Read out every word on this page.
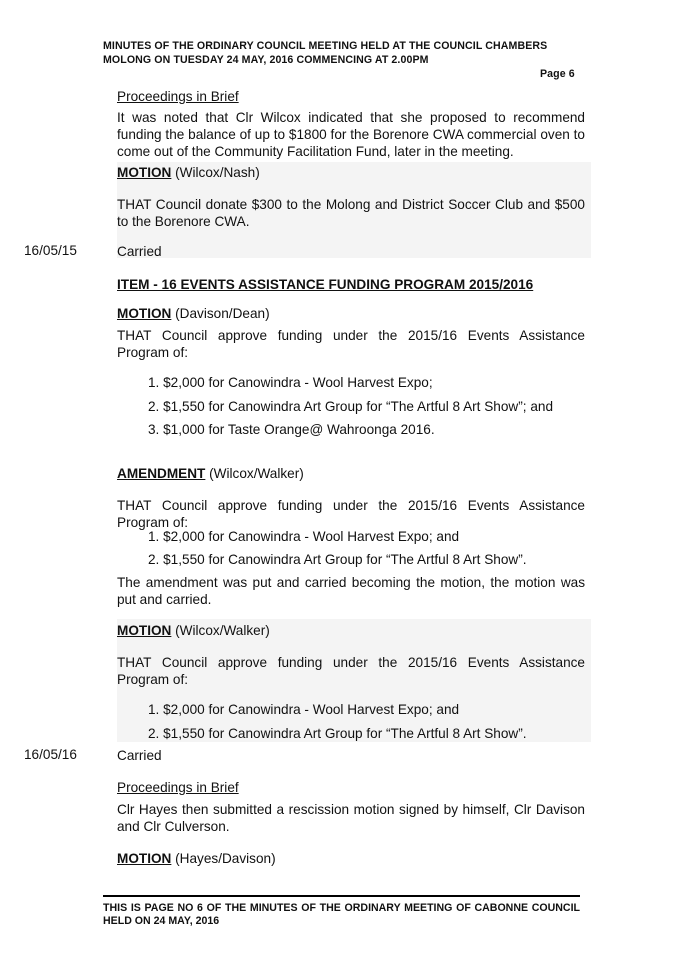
MINUTES OF THE ORDINARY COUNCIL MEETING HELD AT THE COUNCIL CHAMBERS
MOLONG ON TUESDAY 24 MAY, 2016 COMMENCING AT 2.00PM
Page 6
Proceedings in Brief
It was noted that Clr Wilcox indicated that she proposed to recommend funding the balance of up to $1800 for the Borenore CWA commercial oven to come out of the Community Facilitation Fund, later in the meeting.
MOTION (Wilcox/Nash)
THAT Council donate $300 to the Molong and District Soccer Club and $500 to the Borenore CWA.
16/05/15	Carried
ITEM - 16 EVENTS ASSISTANCE FUNDING PROGRAM 2015/2016
MOTION (Davison/Dean)
THAT Council approve funding under the 2015/16 Events Assistance Program of:
1. $2,000 for Canowindra - Wool Harvest Expo;
2. $1,550 for Canowindra Art Group for “The Artful 8 Art Show”; and
3. $1,000 for Taste Orange@ Wahroonga 2016.
AMENDMENT (Wilcox/Walker)
THAT Council approve funding under the 2015/16 Events Assistance Program of:
1. $2,000 for Canowindra - Wool Harvest Expo; and
2. $1,550 for Canowindra Art Group for “The Artful 8 Art Show”.
The amendment was put and carried becoming the motion, the motion was put and carried.
MOTION (Wilcox/Walker)
THAT Council approve funding under the 2015/16 Events Assistance Program of:
1. $2,000 for Canowindra - Wool Harvest Expo; and
2. $1,550 for Canowindra Art Group for “The Artful 8 Art Show”.
16/05/16	Carried
Proceedings in Brief
Clr Hayes then submitted a rescission motion signed by himself, Clr Davison and Clr Culverson.
MOTION (Hayes/Davison)
THIS IS PAGE NO 6 OF THE MINUTES OF THE ORDINARY MEETING OF CABONNE COUNCIL HELD ON 24 MAY, 2016
